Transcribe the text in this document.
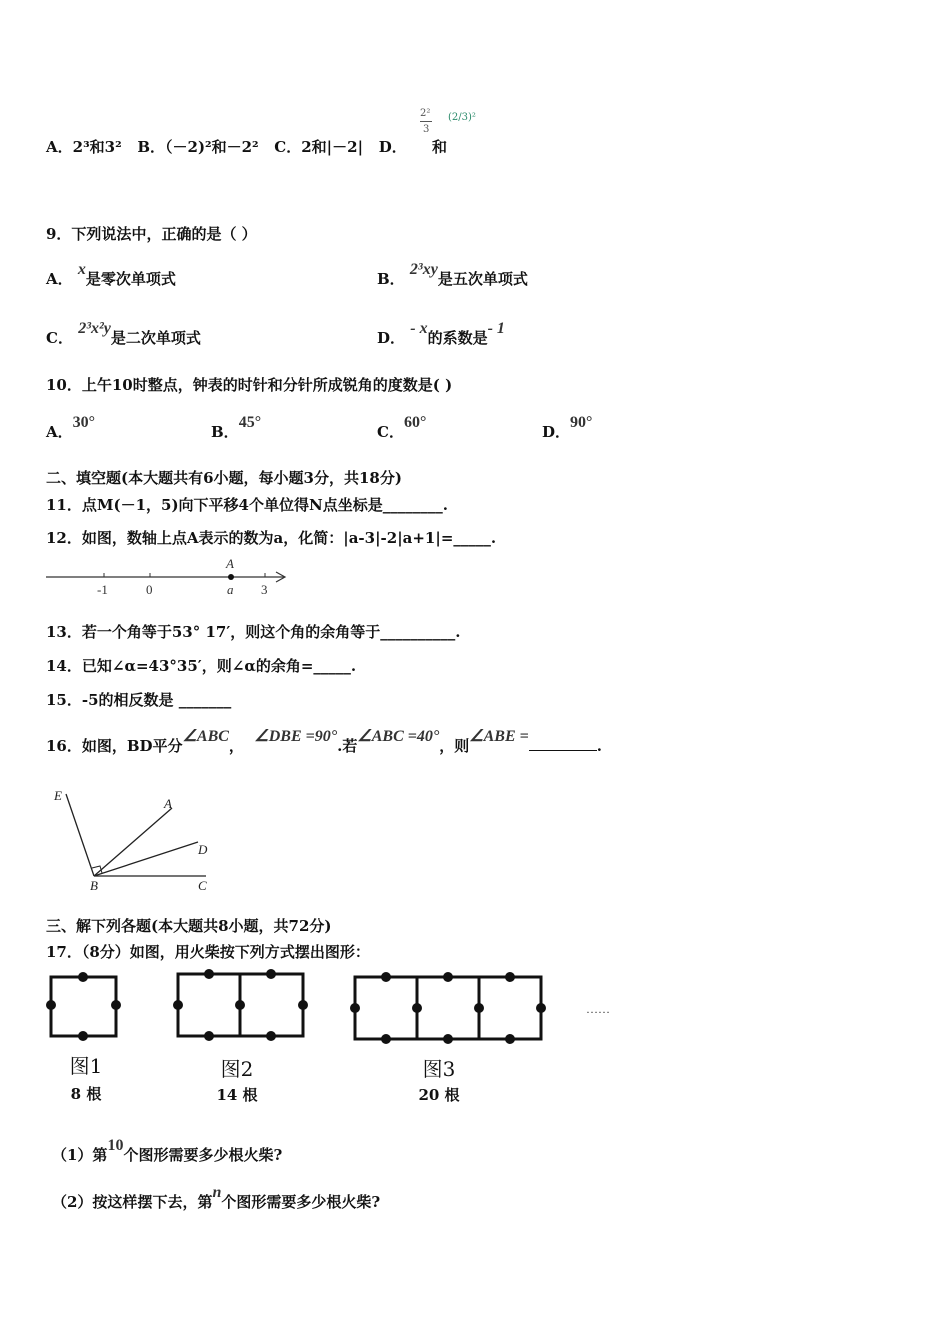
A．2³和3² B．（－2)²和－2² C．2和|－2| D．
2²
3
(2/3)²
和
9．下列说法中，正确的是（ ）
A． x是零次单项式	B． 2³xy是五次单项式
C． 2³x²y是二次单项式	D． - x的系数是- 1
10．上午10时整点，钟表的时针和分针所成锐角的度数是( )
A．30°
B．45°
C．60°
D．90°
二、填空题(本大题共有6小题，每小题3分，共18分)
11．点M(－1，5)向下平移4个单位得N点坐标是________.
12．如图，数轴上点A表示的数为a，化简：|a-3|-2|a+1|=_____.
A
-1	0	a 3
13．若一个角等于53° 17′，则这个角的余角等于__________.
14．已知∠α=43°35′，则∠α的余角=_____.
15．-5的相反数是 _______
16．如图，BD平分∠ABC，  ∠DBE =90°.若∠ABC =40°，则∠ABE =.
E
A
D
B	C
三、解下列各题(本大题共8小题，共72分)
17．（8分）如图，用火柴按下列方式摆出图形：
……
图1
8 根
图2
14 根
图3
20 根
（1）第10个图形需要多少根火柴?
（2）按这样摆下去，第n个图形需要多少根火柴?
